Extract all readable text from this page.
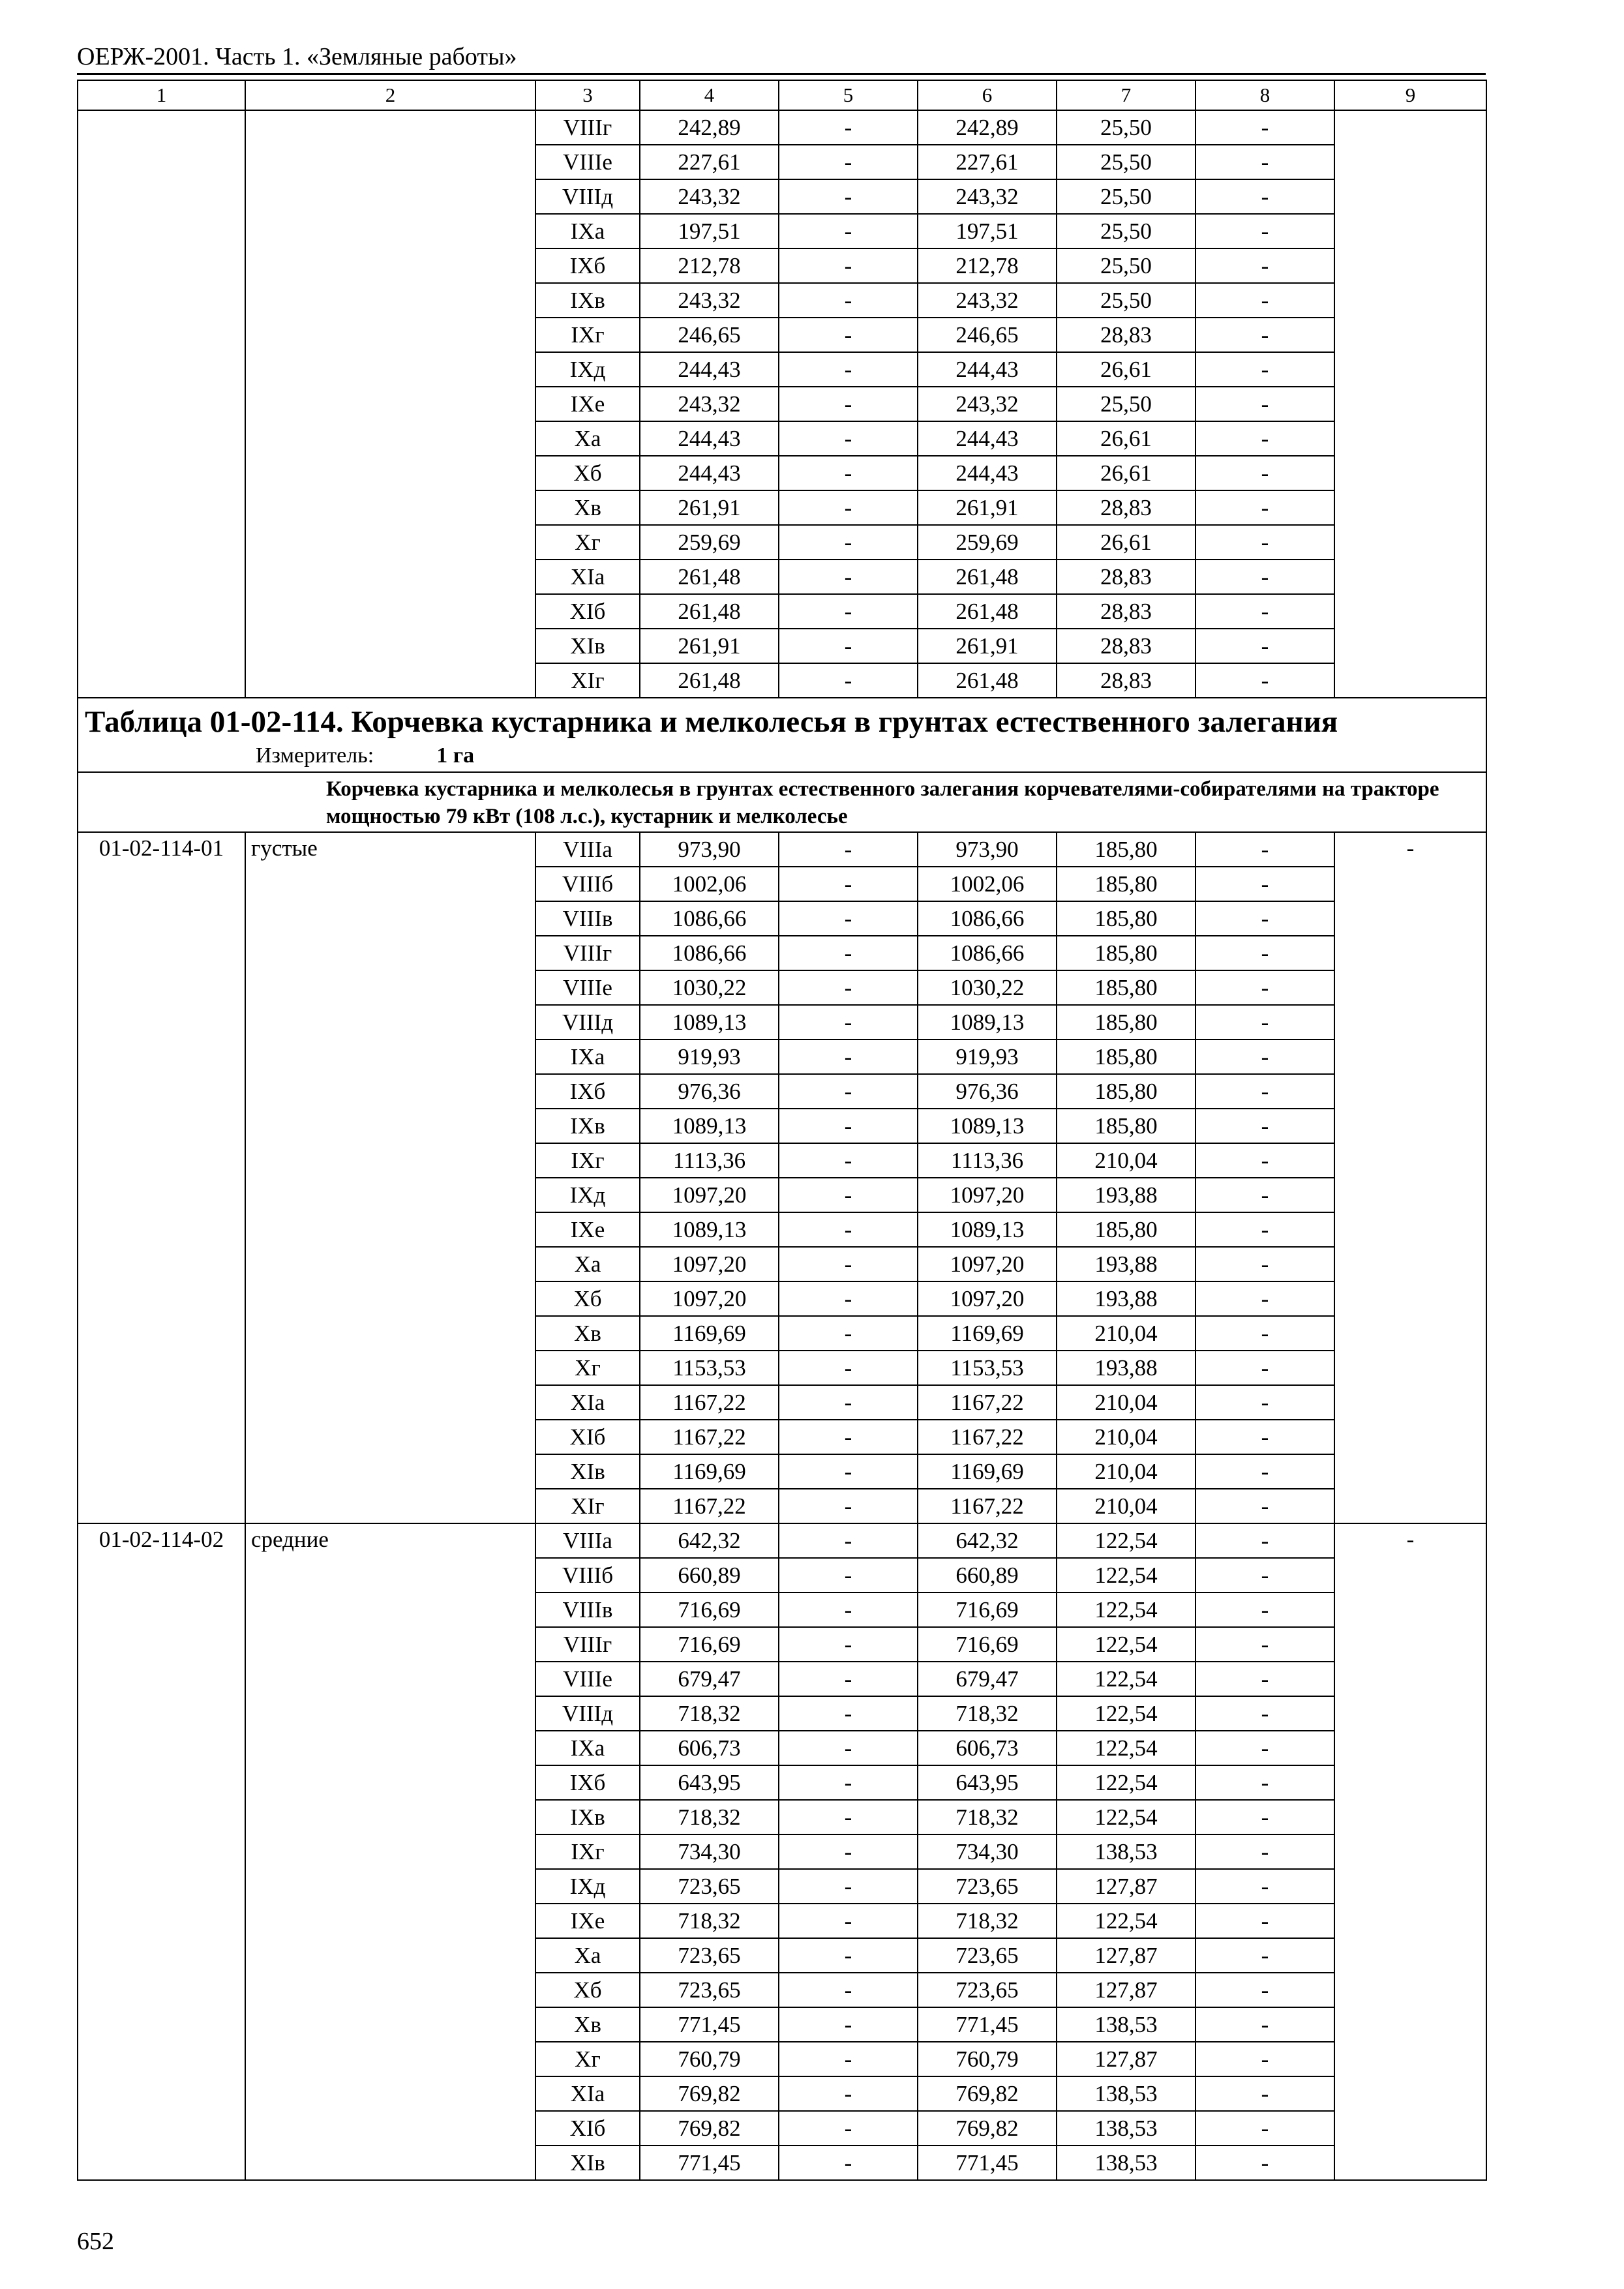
ОЕРЖ-2001. Часть 1. «Земляные работы»
1	2	3	4	5	6	7	8	9
		VIIIг	242,89	-	242,89	25,50	-	
		VIIIе	227,61	-	227,61	25,50	-	
		VIIIд	243,32	-	243,32	25,50	-	
		IXа	197,51	-	197,51	25,50	-	
		IXб	212,78	-	212,78	25,50	-	
		IXв	243,32	-	243,32	25,50	-	
		IXг	246,65	-	246,65	28,83	-	
		IXд	244,43	-	244,43	26,61	-	
		IXе	243,32	-	243,32	25,50	-	
		Xа	244,43	-	244,43	26,61	-	
		Xб	244,43	-	244,43	26,61	-	
		Xв	261,91	-	261,91	28,83	-	
		Xг	259,69	-	259,69	26,61	-	
		XIа	261,48	-	261,48	28,83	-	
		XIб	261,48	-	261,48	28,83	-	
		XIв	261,91	-	261,91	28,83	-	
		XIг	261,48	-	261,48	28,83	-	

Таблица 01-02-114. Корчевка кустарника и мелколесья в грунтах естественного залегания
Измеритель: 1 га								

Корчевка кустарника и мелколесья в грунтах естественного залегания корчевателями-собирателями на тракторе мощностью 79 кВт (108 л.с.), кустарник и мелколесье								
01-02-114-01	густые	VIIIа	973,90	-	973,90	185,80	-	-
		VIIIб	1002,06	-	1002,06	185,80	-	
		VIIIв	1086,66	-	1086,66	185,80	-	
		VIIIг	1086,66	-	1086,66	185,80	-	
		VIIIе	1030,22	-	1030,22	185,80	-	
		VIIIд	1089,13	-	1089,13	185,80	-	
		IXа	919,93	-	919,93	185,80	-	
		IXб	976,36	-	976,36	185,80	-	
		IXв	1089,13	-	1089,13	185,80	-	
		IXг	1113,36	-	1113,36	210,04	-	
		IXд	1097,20	-	1097,20	193,88	-	
		IXе	1089,13	-	1089,13	185,80	-	
		Xа	1097,20	-	1097,20	193,88	-	
		Xб	1097,20	-	1097,20	193,88	-	
		Xв	1169,69	-	1169,69	210,04	-	
		Xг	1153,53	-	1153,53	193,88	-	
		XIа	1167,22	-	1167,22	210,04	-	
		XIб	1167,22	-	1167,22	210,04	-	
		XIв	1169,69	-	1169,69	210,04	-	
		XIг	1167,22	-	1167,22	210,04	-	
01-02-114-02	средние	VIIIа	642,32	-	642,32	122,54	-	-
		VIIIб	660,89	-	660,89	122,54	-	
		VIIIв	716,69	-	716,69	122,54	-	
		VIIIг	716,69	-	716,69	122,54	-	
		VIIIе	679,47	-	679,47	122,54	-	
		VIIIд	718,32	-	718,32	122,54	-	
		IXа	606,73	-	606,73	122,54	-	
		IXб	643,95	-	643,95	122,54	-	
		IXв	718,32	-	718,32	122,54	-	
		IXг	734,30	-	734,30	138,53	-	
		IXд	723,65	-	723,65	127,87	-	
		IXе	718,32	-	718,32	122,54	-	
		Xа	723,65	-	723,65	127,87	-	
		Xб	723,65	-	723,65	127,87	-	
		Xв	771,45	-	771,45	138,53	-	
		Xг	760,79	-	760,79	127,87	-	
		XIа	769,82	-	769,82	138,53	-	
		XIб	769,82	-	769,82	138,53	-	
		XIв	771,45	-	771,45	138,53	-	
652
